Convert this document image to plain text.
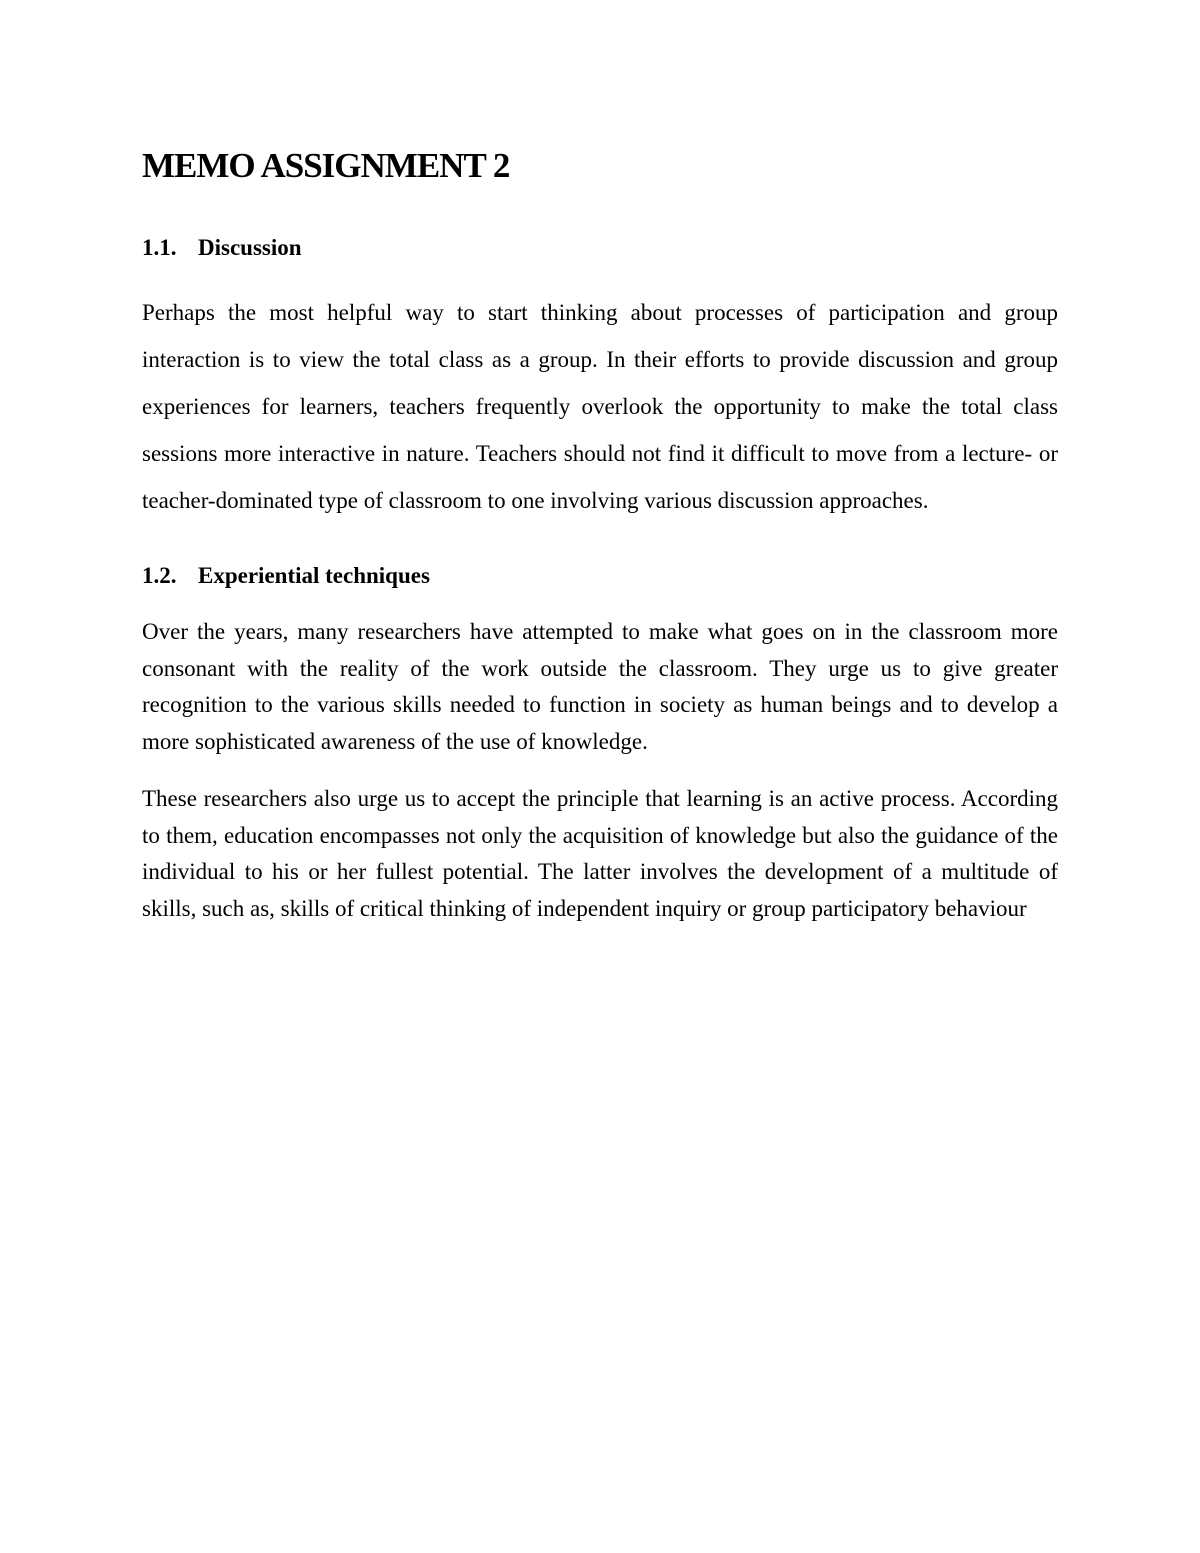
MEMO ASSIGNMENT 2
1.1. Discussion

Perhaps the most helpful way to start thinking about processes of participation and group interaction is to view the total class as a group. In their efforts to provide discussion and group experiences for learners, teachers frequently overlook the opportunity to make the total class sessions more interactive in nature. Teachers should not find it difficult to move from a lecture- or teacher-dominated type of classroom to one involving various discussion approaches.

1.2. Experiential techniques

Over the years, many researchers have attempted to make what goes on in the classroom more consonant with the reality of the work outside the classroom. They urge us to give greater recognition to the various skills needed to function in society as human beings and to develop a more sophisticated awareness of the use of knowledge.

These researchers also urge us to accept the principle that learning is an active process. According to them, education encompasses not only the acquisition of knowledge but also the guidance of the individual to his or her fullest potential. The latter involves the development of a multitude of skills, such as, skills of critical thinking of independent inquiry or group participatory behaviour
